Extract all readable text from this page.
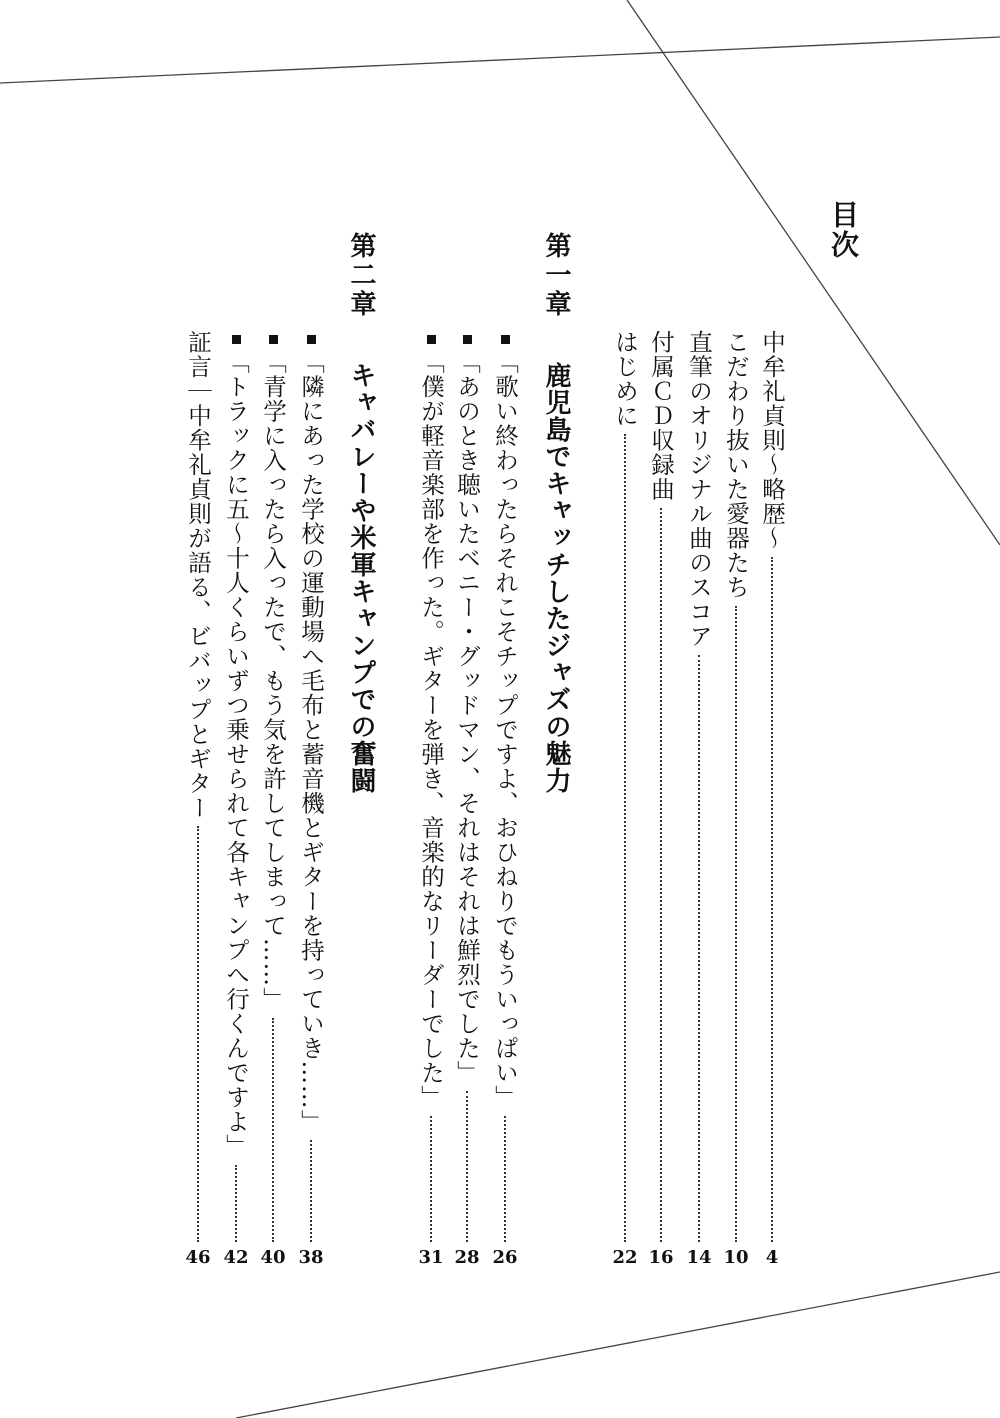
目次
中牟礼貞則〜略歴〜
4
こだわり抜いた愛器たち
10
直筆のオリジナル曲のスコア
14
付属ＣＤ収録曲
16
はじめに
22
第一章 鹿児島でキャッチしたジャズの魅力
「歌い終わったらそれこそチップですよ、おひねりでもういっぱい」
26
「あのとき聴いたベニー・グッドマン、それはそれは鮮烈でした」
28
「僕が軽音楽部を作った。ギターを弾き、音楽的なリーダーでした」
31
第二章 キャバレーや米軍キャンプでの奮闘
「隣にあった学校の運動場へ毛布と蓄音機とギターを持っていき……」
38
「青学に入ったら入ったで、もう気を許してしまって……」
40
「トラックに五〜十人くらいずつ乗せられて各キャンプへ行くんですよ」
42
証言｜中牟礼貞則が語る、ビバップとギター
46
